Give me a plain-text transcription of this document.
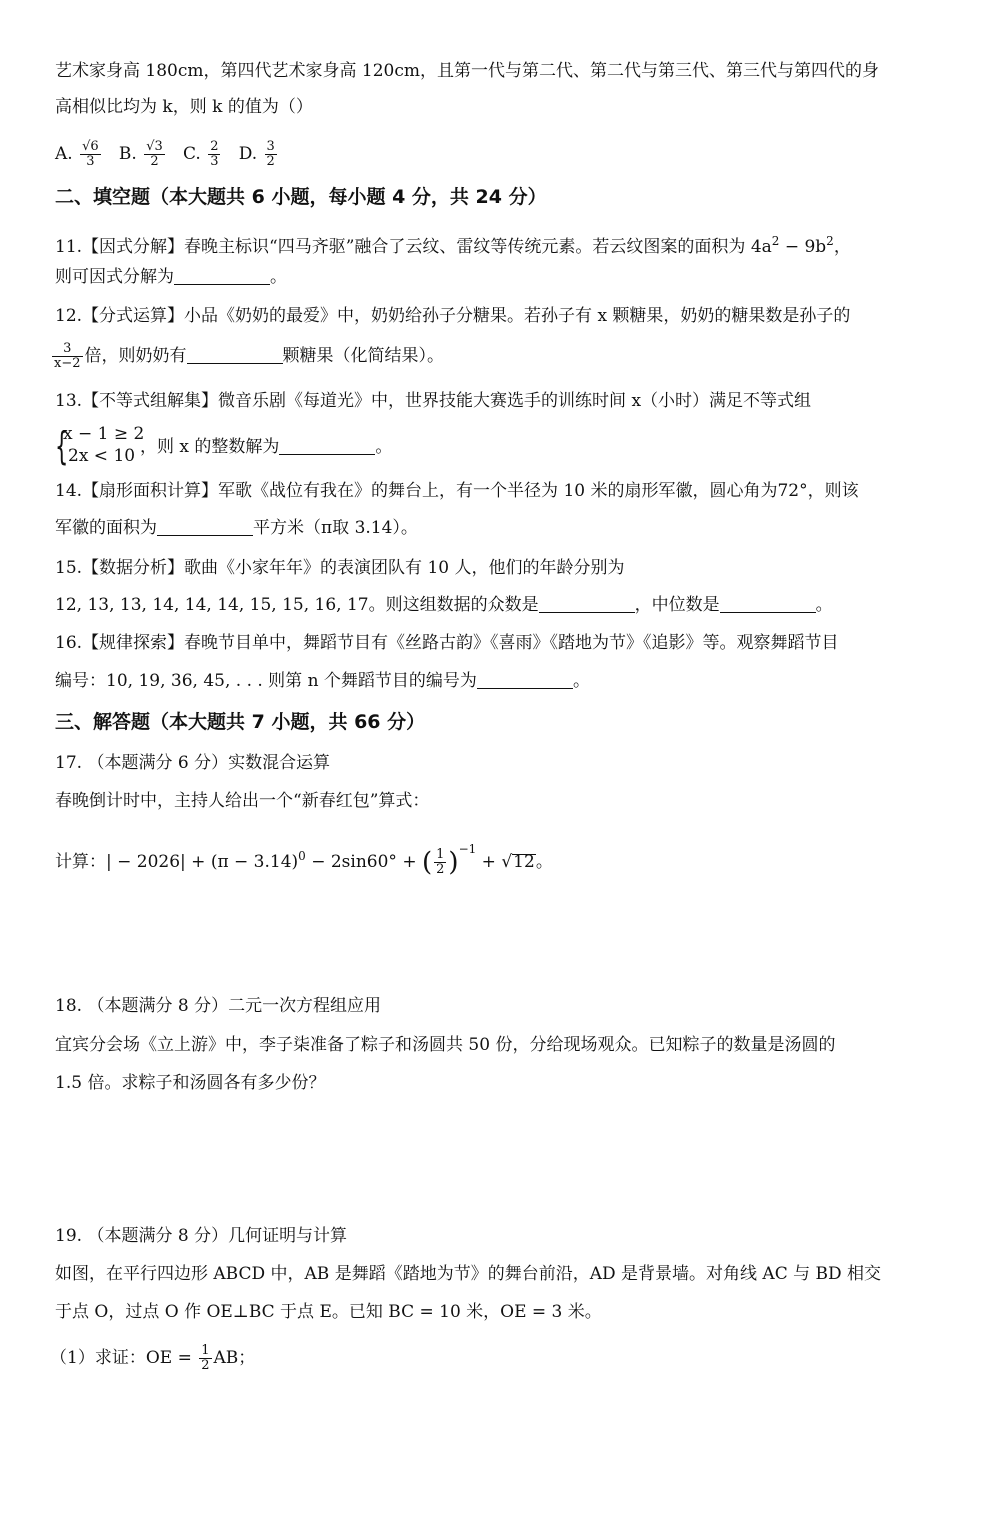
艺术家身高 180cm，第四代艺术家身高 120cm，且第一代与第二代、第二代与第三代、第三代与第四代的身
高相似比均为 k，则 k 的值为（）
A. $\frac{√6}{3} B$. $\frac{√3}{2} C$. $\frac{2}{3} D$. $\frac{3}{2}$
二、填空题（本大题共 6 小题，每小题 4 分，共 24 分）
11.【因式分解】春晚主标识“四马齐驱”融合了云纹、雷纹等传统元素。若云纹图案的面积为 $4a^2 - 9b^2$，
则可因式分解为	。
12.【分式运算】小品《奶奶的最爱》中，奶奶给孙子分糖果。若孙子有 x 颗糖果，奶奶的糖果数是孙子的
$\frac{3}{x-2}$ 倍，则奶奶有	颗糖果（化简结果）。
13.【不等式组解集】微音乐剧《每道光》中，世界技能大赛选手的训练时间 x（小时）满足不等式组
{
x − 1 ≥ 2
2x < 10 ，则 x 的整数解为	。
14.【扇形面积计算】军歌《战位有我在》的舞台上，有一个半径为 10 米的扇形军徽，圆心角为72°，则该
军徽的面积为	平方米（π取 3.14）。
15.【数据分析】歌曲《小家年年》的表演团队有 10 人，他们的年龄分别为
12, 13, 13, 14, 14, 14, 15, 15, 16, 17。则这组数据的众数是	，中位数是	。
16.【规律探索】春晚节目单中，舞蹈节目有《丝路古韵》《喜雨》《踏地为节》《追影》等。观察舞蹈节目
编号：10, 19, 36, 45, . . . 则第 n 个舞蹈节目的编号为	。
三、解答题（本大题共 7 小题，共 66 分）
17. （本题满分 6 分）实数混合运算
春晚倒计时中，主持人给出一个“新春红包”算式：
计算：| − $2026| + (\pi - 3.14)^0 - 2\sin 60^\circ$ + ( $\frac{1}{2} )^{-1} + √12$。
18. （本题满分 8 分）二元一次方程组应用
宜宾分会场《立上游》中，李子柒准备了粽子和汤圆共 50 份，分给现场观众。已知粽子的数量是汤圆的
1.5 倍。求粽子和汤圆各有多少份？
19. （本题满分 8 分）几何证明与计算
如图，在平行四边形 ABCD 中，AB 是舞蹈《踏地为节》的舞台前沿，AD 是背景墙。对角线 AC 与 BD 相交
于点 O，过点 O 作 OE⊥BC 于点 E。已知 BC = 10 米，OE = 3 米。
（1）求证：OE = $\frac{1}{2}$ AB；
